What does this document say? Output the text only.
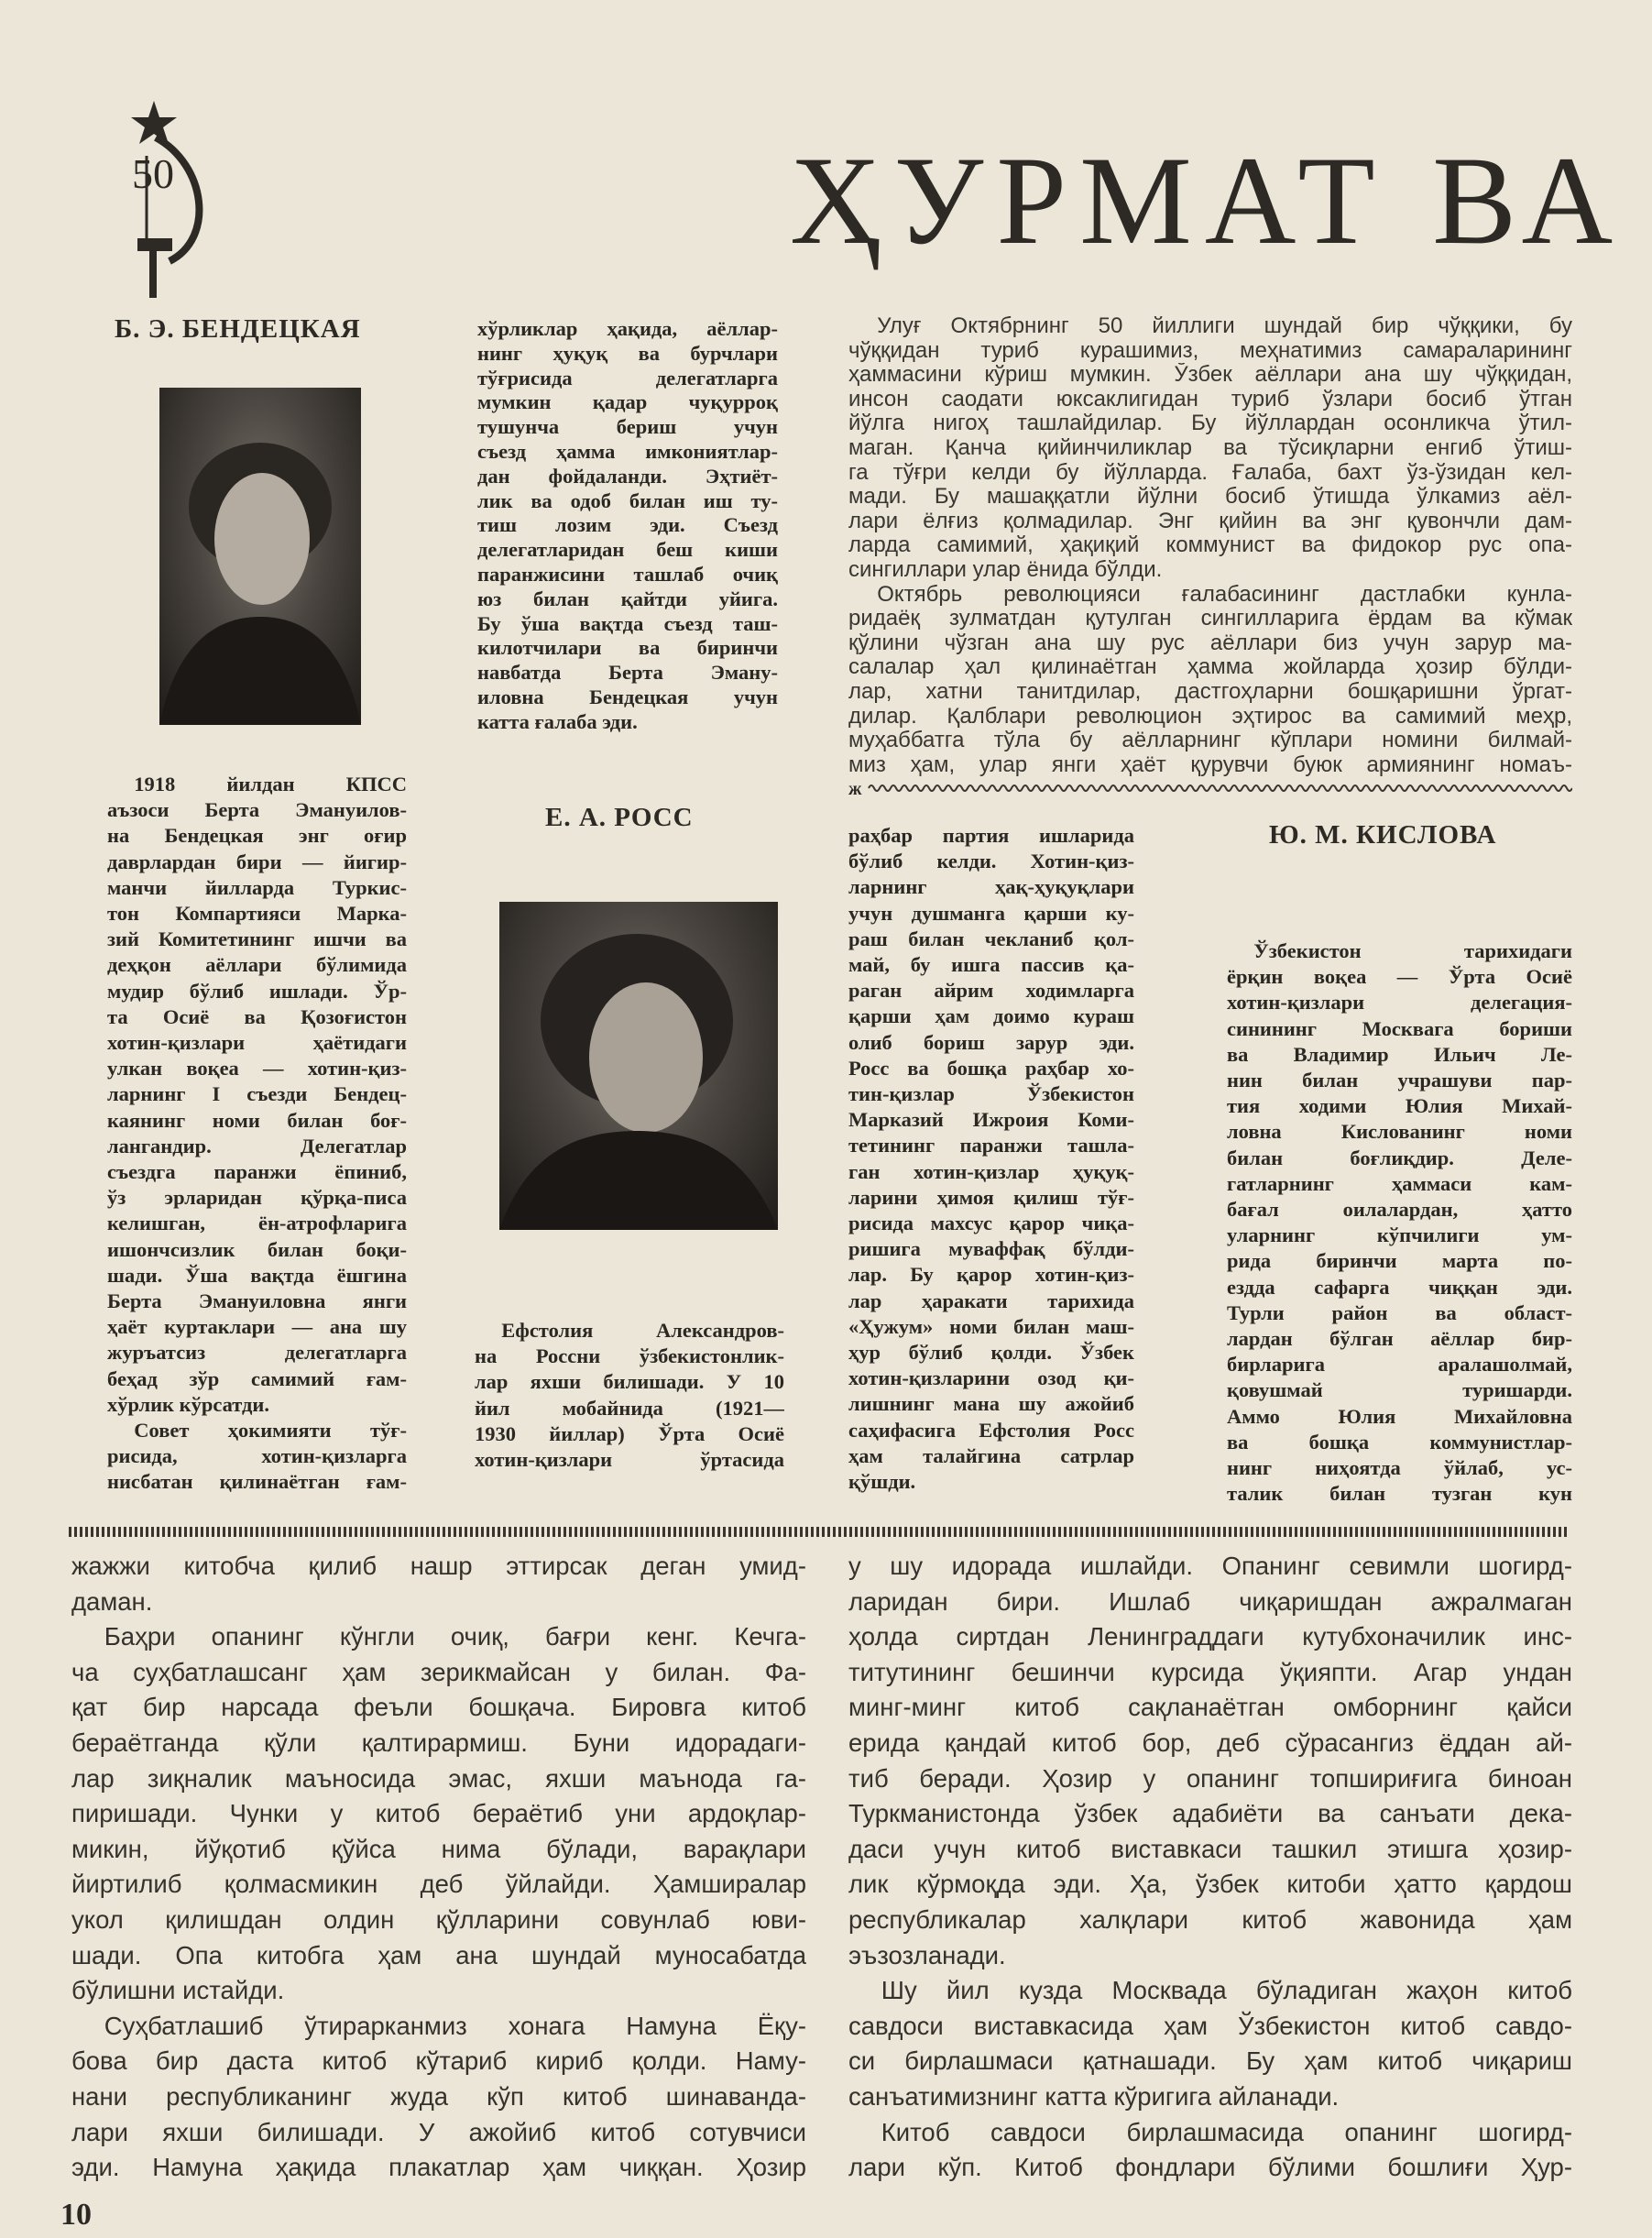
50	ҲУРМАТ ВА
Б. Э. БЕНДЕЦКАЯ
1918 йилдан КПСС
аъзоси Берта Эмануилов-
на Бендецкая энг оғир
даврлардан бири — йигир-
манчи йилларда Туркис-
тон Компартияси Марка-
зий Комитетининг ишчи ва
деҳқон аёллари бўлимида
мудир бўлиб ишлади. Ўр-
та Осиё ва Қозоғистон
хотин-қизлари ҳаётидаги
улкан воқеа — хотин-қиз-
ларнинг I съезди Бендец-
каянинг номи билан боғ-
лангандир. Делегатлар
съездга паранжи ёпиниб,
ўз эрларидан қўрқа-писа
келишган, ён-атрофларига
ишончсизлик билан боқи-
шади. Ўша вақтда ёшгина
Берта Эмануиловна янги
ҳаёт куртаклари — ана шу
журъатсиз делегатларга
беҳад зўр самимий ғам-
хўрлик кўрсатди.
Совет ҳокимияти тўғ-
рисида, хотин-қизларга
нисбатан қилинаётган ғам-
хўрликлар ҳақида, аёллар-
нинг ҳуқуқ ва бурчлари
тўғрисида делегатларга
мумкин қадар чуқурроқ
тушунча бериш учун
съезд ҳамма имкониятлар-
дан фойдаланди. Эҳтиёт-
лик ва одоб билан иш ту-
тиш лозим эди. Съезд
делегатларидан беш киши
паранжисини ташлаб очиқ
юз билан қайтди уйига.
Бу ўша вақтда съезд таш-
килотчилари ва биринчи
навбатда Берта Эману-
иловна Бендецкая учун
катта ғалаба эди.
Е. А. РОСС
Ефстолия Александров-
на Россни ўзбекистонлик-
лар яхши билишади. У 10
йил мобайнида (1921—
1930 йиллар) Ўрта Осиё
хотин-қизлари ўртасида
Улуғ Октябрнинг 50 йиллиги шундай бир чўққики, бу
чўққидан туриб курашимиз, меҳнатимиз самараларининг
ҳаммасини кўриш мумкин. Ўзбек аёллари ана шу чўққидан,
инсон саодати юксаклигидан туриб ўзлари босиб ўтган
йўлга нигоҳ ташлайдилар. Бу йўллардан осонликча ўтил-
маган. Қанча қийинчиликлар ва тўсиқларни енгиб ўтиш-
га тўғри келди бу йўлларда. Ғалаба, бахт ўз-ўзидан кел-
мади. Бу машаққатли йўлни босиб ўтишда ўлкамиз аёл-
лари ёлғиз қолмадилар. Энг қийин ва энг қувончли дам-
ларда самимий, ҳақиқий коммунист ва фидокор рус опа-
сингиллари улар ёнида бўлди.
Октябрь революцияси ғалабасининг дастлабки кунла-
ридаёқ зулматдан қутулган сингилларига ёрдам ва кўмак
қўлини чўзган ана шу рус аёллари биз учун зарур ма-
салалар ҳал қилинаётган ҳамма жойларда ҳозир бўлди-
лар, хатни танитдилар, дастгоҳларни бошқаришни ўргат-
дилар. Қалблари революцион эҳтирос ва самимий меҳр,
муҳаббатга тўла бу аёлларнинг кўплари номини билмай-
миз ҳам, улар янги ҳаёт қурувчи буюк армиянинг номаъ-
ж
раҳбар партия ишларида
бўлиб келди. Хотин-қиз-
ларнинг ҳақ-ҳуқуқлари
учун душманга қарши ку-
раш билан чекланиб қол-
май, бу ишга пассив қа-
раган айрим ходимларга
қарши ҳам доимо кураш
олиб бориш зарур эди.
Росс ва бошқа раҳбар хо-
тин-қизлар Ўзбекистон
Марказий Ижроия Коми-
тетининг паранжи ташла-
ган хотин-қизлар ҳуқуқ-
ларини ҳимоя қилиш тўғ-
рисида махсус қарор чиқа-
ришига муваффақ бўлди-
лар. Бу қарор хотин-қиз-
лар ҳаракати тарихида
«Ҳужум» номи билан маш-
ҳур бўлиб қолди. Ўзбек
хотин-қизларини озод қи-
лишнинг мана шу ажойиб
саҳифасига Ефстолия Росс
ҳам талайгина сатрлар
қўшди.
Ю. М. КИСЛОВА
Ўзбекистон тарихидаги
ёрқин воқеа — Ўрта Осиё
хотин-қизлари делегация-
синининг Москвага бориши
ва Владимир Ильич Ле-
нин билан учрашуви пар-
тия ходими Юлия Михай-
ловна Кислованинг номи
билан боғлиқдир. Деле-
гатларнинг ҳаммаси кам-
бағал оилалардан, ҳатто
уларнинг кўпчилиги ум-
рида биринчи марта по-
ездда сафарга чиққан эди.
Турли район ва област-
лардан бўлган аёллар бир-
бирларига аралашолмай,
қовушмай туришарди.
Аммо Юлия Михайловна
ва бошқа коммунистлар-
нинг ниҳоятда ўйлаб, ус-
талик билан тузган кун
жажжи китобча қилиб нашр эттирсак деган умид-
даман.
Баҳри опанинг кўнгли очиқ, бағри кенг. Кечга-
ча суҳбатлашсанг ҳам зерикмайсан у билан. Фа-
қат бир нарсада феъли бошқача. Бировга китоб
бераётганда қўли қалтирармиш. Буни идорадаги-
лар зиқналик маъносида эмас, яхши маънода га-
пиришади. Чунки у китоб бераётиб уни ардоқлар-
микин, йўқотиб қўйса нима бўлади, варақлари
йиртилиб қолмасмикин деб ўйлайди. Ҳамширалар
укол қилишдан олдин қўлларини совунлаб юви-
шади. Опа китобга ҳам ана шундай муносабатда
бўлишни истайди.
Суҳбатлашиб ўтирарканмиз хонага Намуна Ёқу-
бова бир даста китоб кўтариб кириб қолди. Наму-
нани республиканинг жуда кўп китоб шинаванда-
лари яхши билишади. У ажойиб китоб сотувчиси
эди. Намуна ҳақида плакатлар ҳам чиққан. Ҳозир
у шу идорада ишлайди. Опанинг севимли шогирд-
ларидан бири. Ишлаб чиқаришдан ажралмаган
ҳолда сиртдан Ленинграддаги кутубхоначилик инс-
титутининг бешинчи курсида ўқияпти. Агар ундан
минг-минг китоб сақланаётган омборнинг қайси
ерида қандай китоб бор, деб сўрасангиз ёддан ай-
тиб беради. Ҳозир у опанинг топшириғига биноан
Туркманистонда ўзбек адабиёти ва санъати дека-
даси учун китоб виставкаси ташкил этишга ҳозир-
лик кўрмоқда эди. Ҳа, ўзбек китоби ҳатто қардош
республикалар халқлари китоб жавонида ҳам
эъзозланади.
Шу йил кузда Москвада бўладиган жаҳон китоб
савдоси виставкасида ҳам Ўзбекистон китоб савдо-
си бирлашмаси қатнашади. Бу ҳам китоб чиқариш
санъатимизнинг катта кўригига айланади.
Китоб савдоси бирлашмасида опанинг шогирд-
лари кўп. Китоб фондлари бўлими бошлиғи Ҳур-
10
